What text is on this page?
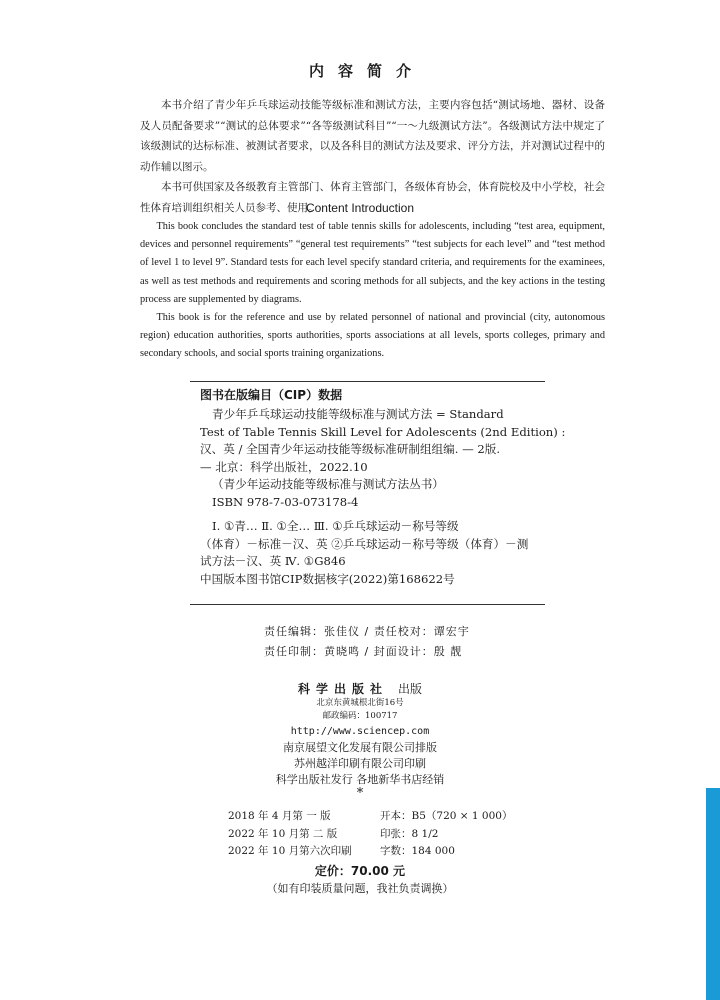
内容简介

本书介绍了青少年乒乓球运动技能等级标准和测试方法，主要内容包括“测试场地、器材、设备及人员配备要求”“测试的总体要求”“各等级测试科目”“一～九级测试方法”。各级测试方法中规定了该级测试的达标标准、被测试者要求，以及各科目的测试方法及要求、评分方法，并对测试过程中的动作辅以图示。

本书可供国家及各级教育主管部门、体育主管部门，各级体育协会，体育院校及中小学校，社会性体育培训组织相关人员参考、使用。

Content Introduction

This book concludes the standard test of table tennis skills for adolescents, including “test area, equipment, devices and personnel requirements” “general test requirements” “test subjects for each level” and “test method of level 1 to level 9”. Standard tests for each level specify standard criteria, and requirements for the examinees, as well as test methods and requirements and scoring methods for all subjects, and the key actions in the testing process are supplemented by diagrams.

This book is for the reference and use by related personnel of national and provincial (city, autonomous region) education authorities, sports authorities, sports associations at all levels, sports colleges, primary and secondary schools, and social sports training organizations.

图书在版编目（CIP）数据
青少年乒乓球运动技能等级标准与测试方法 = Standard
Test of Table Tennis Skill Level for Adolescents (2nd Edition) :
汉、英 / 全国青少年运动技能等级标准研制组组编. — 2版.
— 北京：科学出版社，2022.10
（青少年运动技能等级标准与测试方法丛书）
ISBN 978-7-03-073178-4
Ⅰ. ①青… Ⅱ. ①全… Ⅲ. ①乒乓球运动－称号等级
（体育）－标准－汉、英 ②乒乓球运动－称号等级（体育）－测
试方法－汉、英 Ⅳ. ①G846
中国版本图书馆CIP数据核字(2022)第168622号
责任编辑：张佳仪 / 责任校对：谭宏宇
责任印制：黄晓鸣 / 封面设计：殷 靓
科学出版社 出版
北京东黄城根北街16号
邮政编码：100717
http://www.sciencep.com
南京展望文化发展有限公司排版
苏州越洋印刷有限公司印刷
科学出版社发行 各地新华书店经销
*
2018 年 4 月第 一 版	开本：B5（720 × 1 000）
2022 年 10 月第 二 版	印张：8 1/2
2022 年 10 月第六次印刷	字数：184 000
定价：70.00 元
（如有印装质量问题，我社负责调换）
